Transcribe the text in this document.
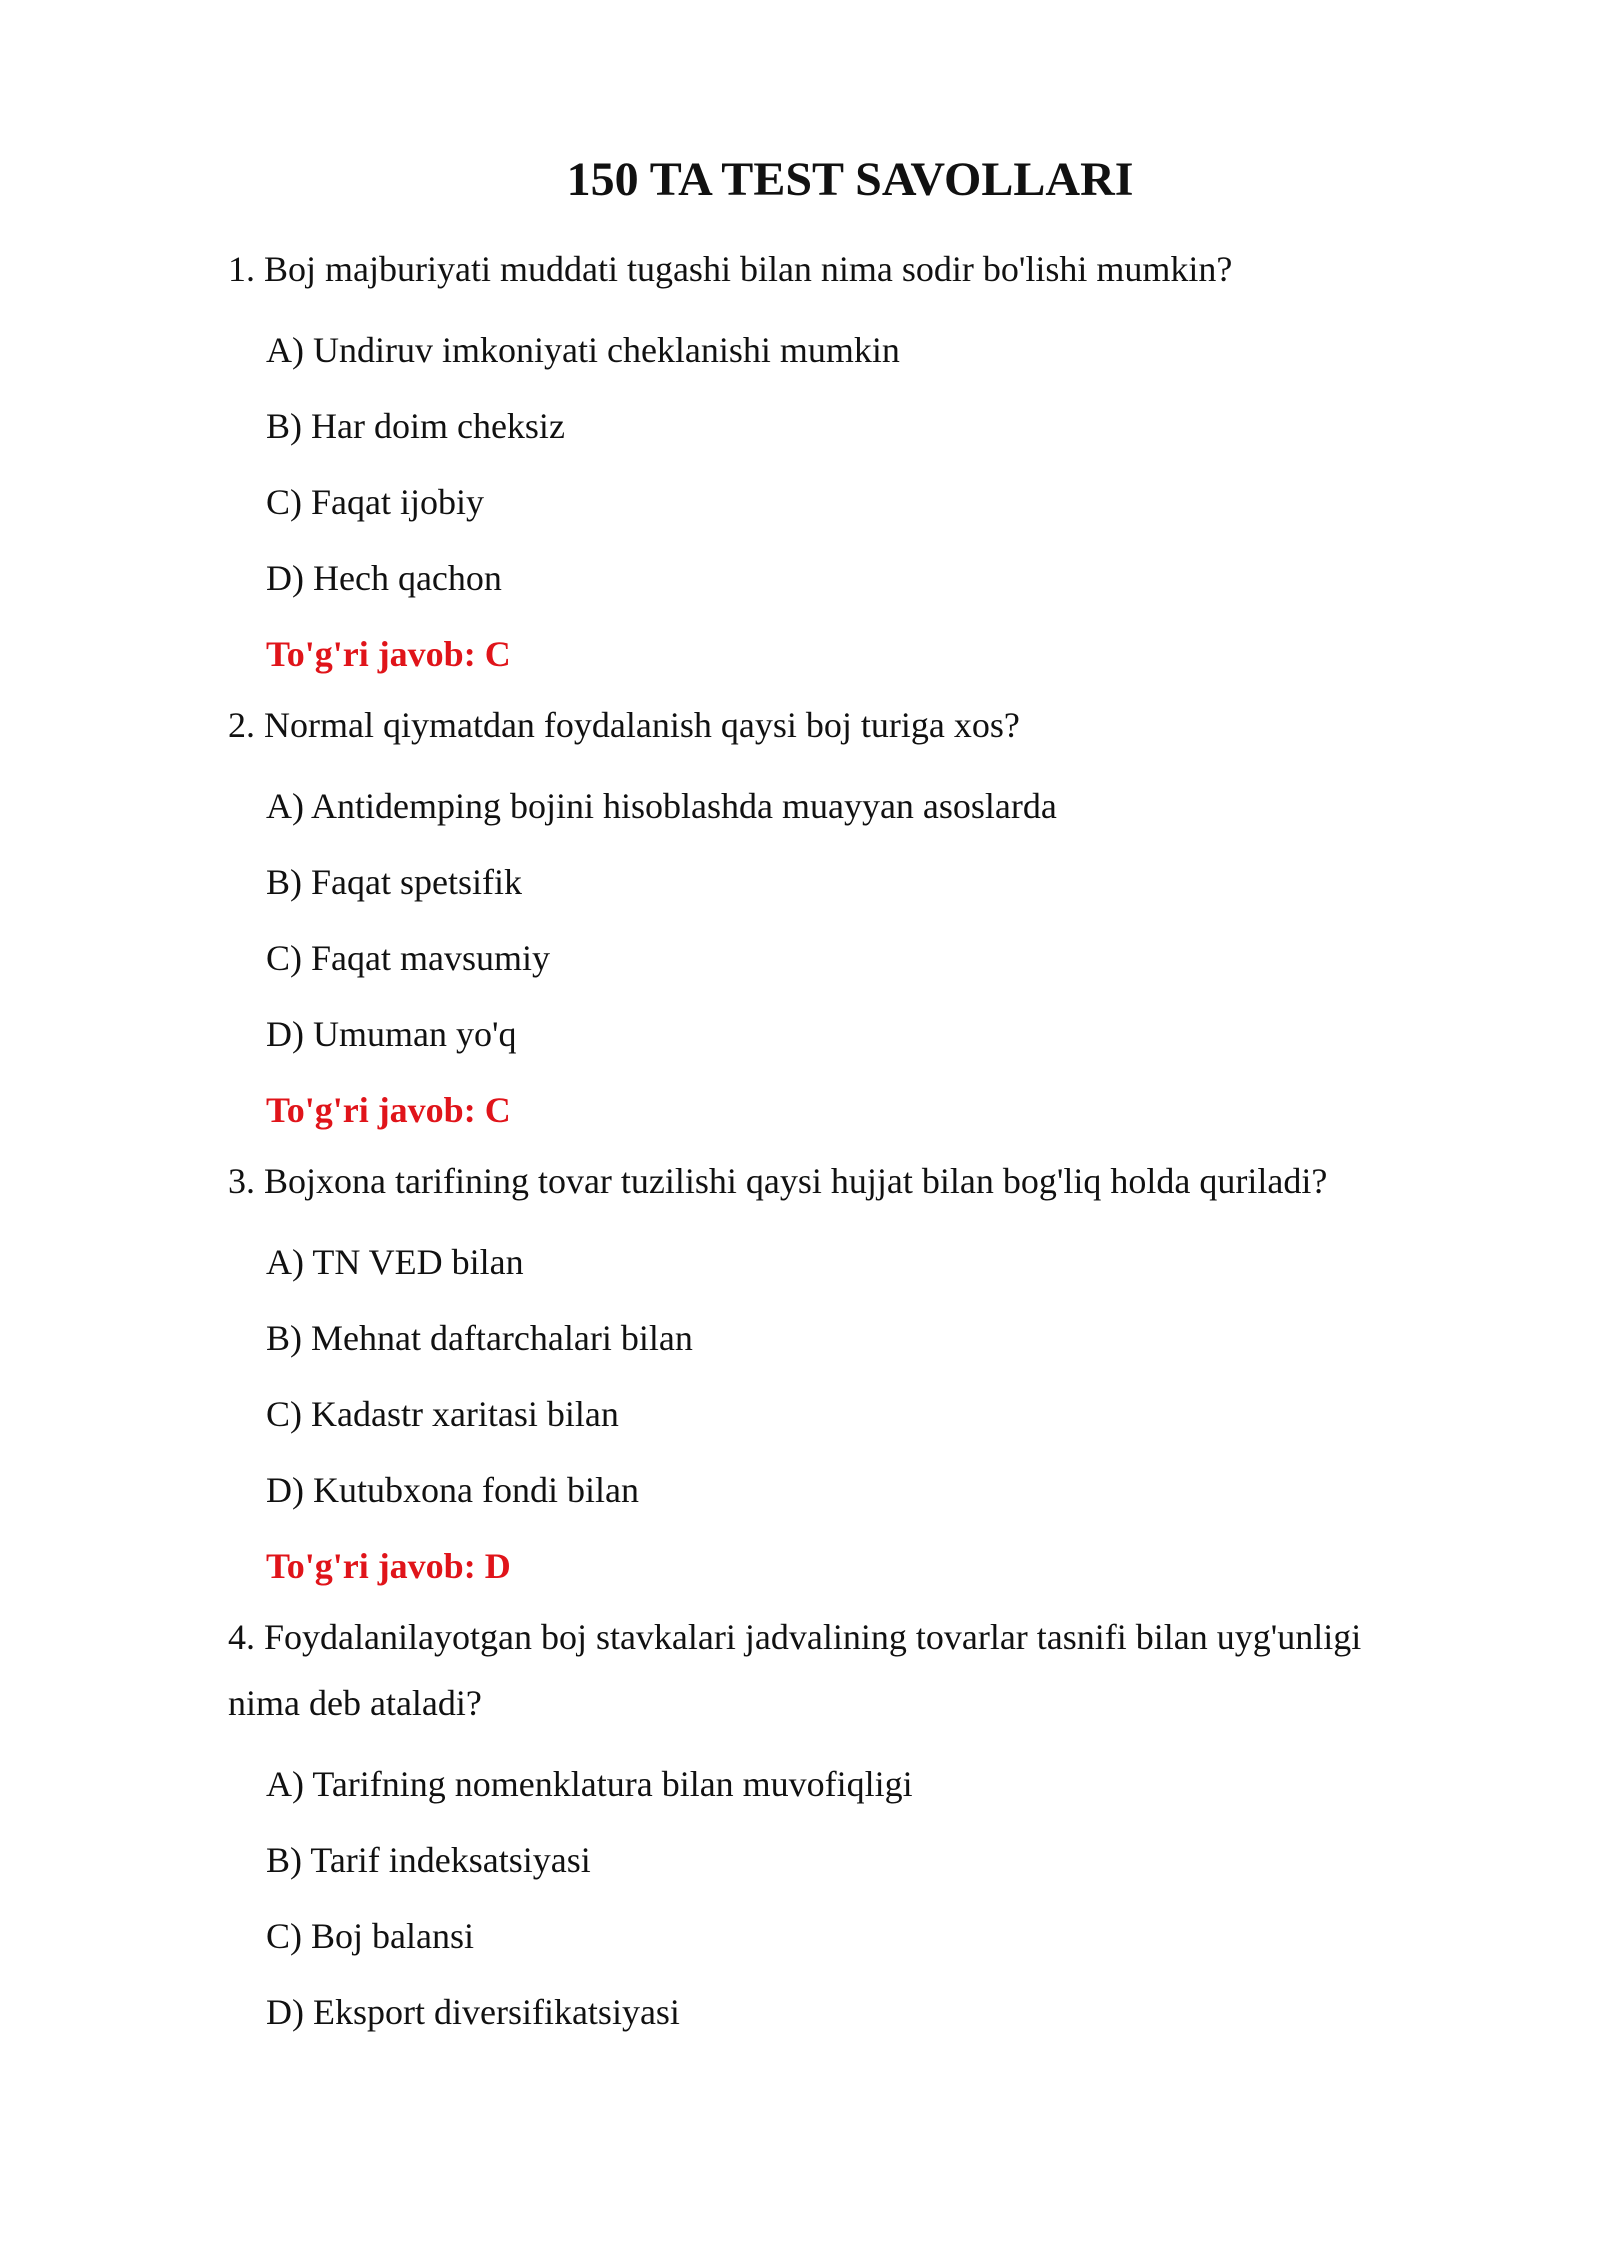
150 TA TEST SAVOLLARI

1. Boj majburiyati muddati tugashi bilan nima sodir bo'lishi mumkin?

A) Undiruv imkoniyati cheklanishi mumkin

B) Har doim cheksiz

C) Faqat ijobiy

D) Hech qachon

To'g'ri javob: C

2. Normal qiymatdan foydalanish qaysi boj turiga xos?

A) Antidemping bojini hisoblashda muayyan asoslarda

B) Faqat spetsifik

C) Faqat mavsumiy

D) Umuman yo'q

To'g'ri javob: C

3. Bojxona tarifining tovar tuzilishi qaysi hujjat bilan bog'liq holda quriladi?

A) TN VED bilan

B) Mehnat daftarchalari bilan

C) Kadastr xaritasi bilan

D) Kutubxona fondi bilan

To'g'ri javob: D

4. Foydalanilayotgan boj stavkalari jadvalining tovarlar tasnifi bilan uyg'unligi nima deb ataladi?

A) Tarifning nomenklatura bilan muvofiqligi

B) Tarif indeksatsiyasi

C) Boj balansi

D) Eksport diversifikatsiyasi
